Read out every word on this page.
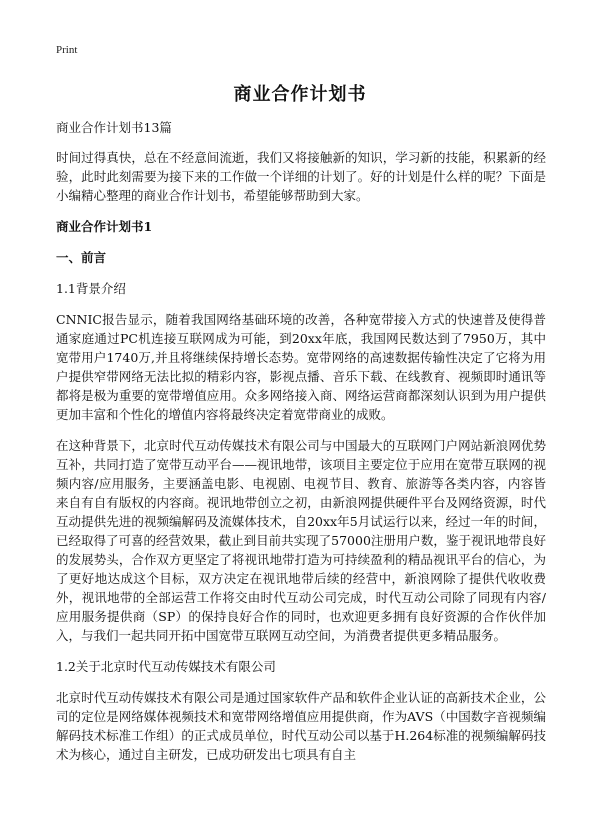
Print
商业合作计划书

商业合作计划书13篇

时间过得真快，总在不经意间流逝，我们又将接触新的知识，学习新的技能，积累新的经验，此时此刻需要为接下来的工作做一个详细的计划了。好的计划是什么样的呢？下面是小编精心整理的商业合作计划书，希望能够帮助到大家。

商业合作计划书1

一、前言

1.1背景介绍

CNNIC报告显示，随着我国网络基础环境的改善，各种宽带接入方式的快速普及使得普通家庭通过PC机连接互联网成为可能，到20xx年底，我国网民数达到了7950万，其中宽带用户1740万,并且将继续保持增长态势。宽带网络的高速数据传输性决定了它将为用户提供窄带网络无法比拟的精彩内容，影视点播、音乐下载、在线教育、视频即时通讯等都将是极为重要的宽带增值应用。众多网络接入商、网络运营商都深刻认识到为用户提供更加丰富和个性化的增值内容将最终决定着宽带商业的成败。

在这种背景下，北京时代互动传媒技术有限公司与中国最大的互联网门户网站新浪网优势互补，共同打造了宽带互动平台——视讯地带，该项目主要定位于应用在宽带互联网的视频内容/应用服务，主要涵盖电影、电视剧、电视节目、教育、旅游等各类内容，内容皆来自有自有版权的内容商。视讯地带创立之初，由新浪网提供硬件平台及网络资源，时代互动提供先进的视频编解码及流媒体技术，自20xx年5月试运行以来，经过一年的时间，已经取得了可喜的经营效果，截止到目前共实现了57000注册用户数，鉴于视讯地带良好的发展势头，合作双方更坚定了将视讯地带打造为可持续盈利的精品视讯平台的信心，为了更好地达成这个目标，双方决定在视讯地带后续的经营中，新浪网除了提供代收收费外，视讯地带的全部运营工作将交由时代互动公司完成，时代互动公司除了同现有内容/应用服务提供商（SP）的保持良好合作的同时，也欢迎更多拥有良好资源的合作伙伴加入，与我们一起共同开拓中国宽带互联网互动空间，为消费者提供更多精品服务。

1.2关于北京时代互动传媒技术有限公司

北京时代互动传媒技术有限公司是通过国家软件产品和软件企业认证的高新技术企业，公司的定位是网络媒体视频技术和宽带网络增值应用提供商，作为AVS（中国数字音视频编解码技术标准工作组）的正式成员单位，时代互动公司以基于H.264标准的视频编解码技术为核心，通过自主研发，已成功研发出七项具有自主
